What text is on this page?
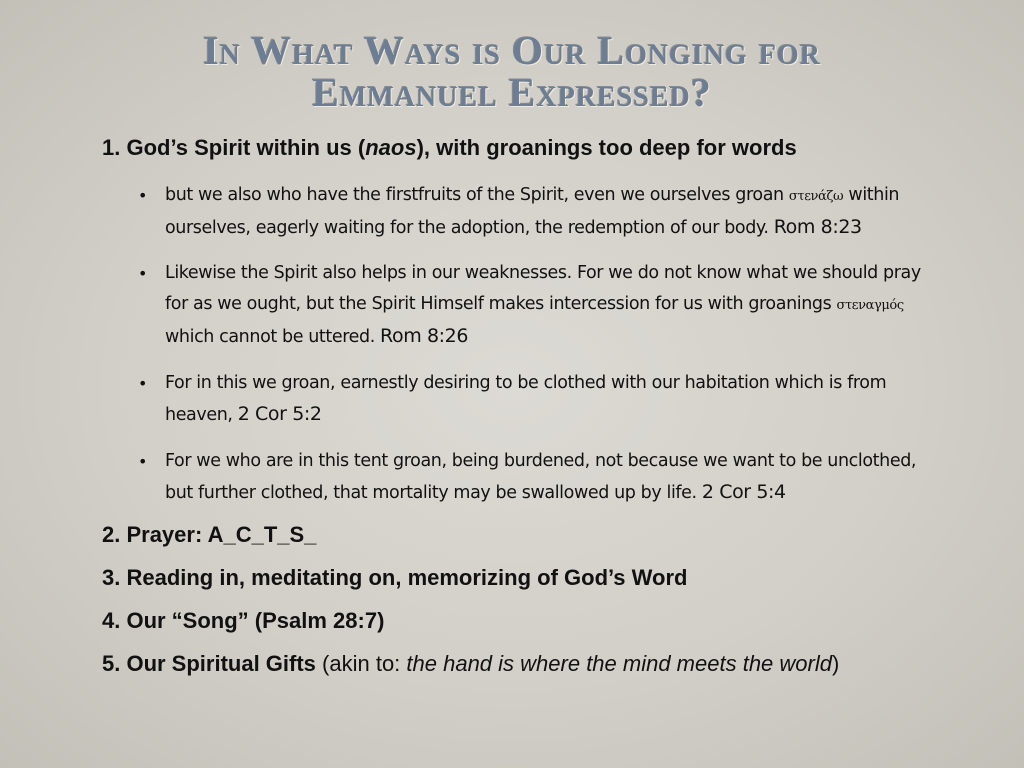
In What Ways is Our Longing for
Emmanuel Expressed?
1. God’s Spirit within us (naos), with groanings too deep for words
• but we also who have the firstfruits of the Spirit, even we ourselves groan στενάζω within ourselves, eagerly waiting for the adoption, the redemption of our body. Rom 8:23
• Likewise the Spirit also helps in our weaknesses. For we do not know what we should pray for as we ought, but the Spirit Himself makes intercession for us with groanings στεναγμός which cannot be uttered. Rom 8:26
• For in this we groan, earnestly desiring to be clothed with our habitation which is from heaven, 2 Cor 5:2
• For we who are in this tent groan, being burdened, not because we want to be unclothed, but further clothed, that mortality may be swallowed up by life. 2 Cor 5:4
2. Prayer: A_C_T_S_
3. Reading in, meditating on, memorizing of God’s Word
4. Our “Song” (Psalm 28:7)
5. Our Spiritual Gifts (akin to: the hand is where the mind meets the world)
